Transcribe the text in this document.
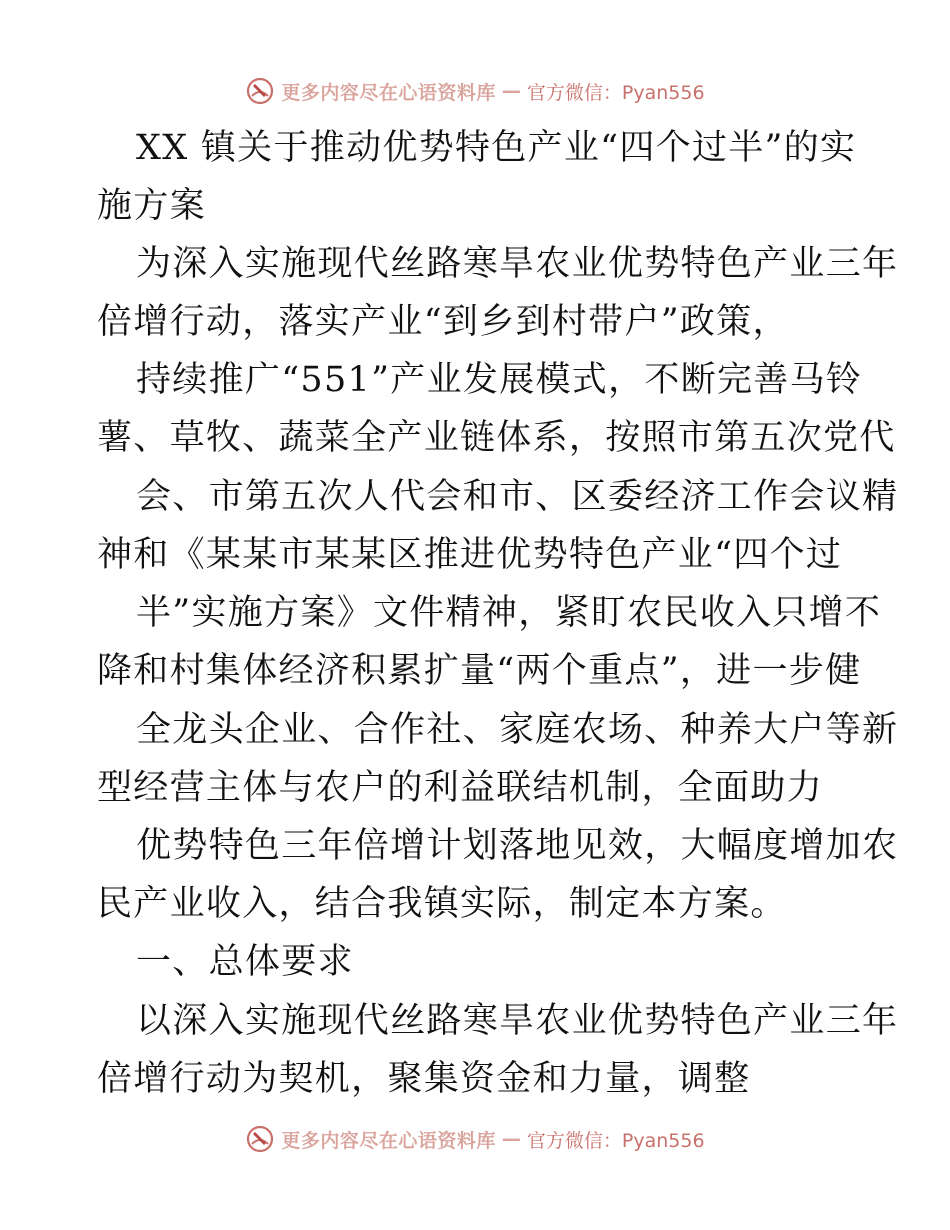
更多内容尽在心语资料库 — 官方微信：Pyan556
XX 镇关于推动优势特色产业“四个过半”的实
施方案
为深入实施现代丝路寒旱农业优势特色产业三年
倍增行动，落实产业“到乡到村带户”政策，
持续推广“551”产业发展模式，不断完善马铃
薯、草牧、蔬菜全产业链体系，按照市第五次党代
会、市第五次人代会和市、区委经济工作会议精
神和《某某市某某区推进优势特色产业“四个过
半”实施方案》文件精神，紧盯农民收入只增不
降和村集体经济积累扩量“两个重点”，进一步健
全龙头企业、合作社、家庭农场、种养大户等新
型经营主体与农户的利益联结机制，全面助力
优势特色三年倍增计划落地见效，大幅度增加农
民产业收入，结合我镇实际，制定本方案。
一、总体要求
以深入实施现代丝路寒旱农业优势特色产业三年
倍增行动为契机，聚集资金和力量，调整
更多内容尽在心语资料库 — 官方微信：Pyan556
